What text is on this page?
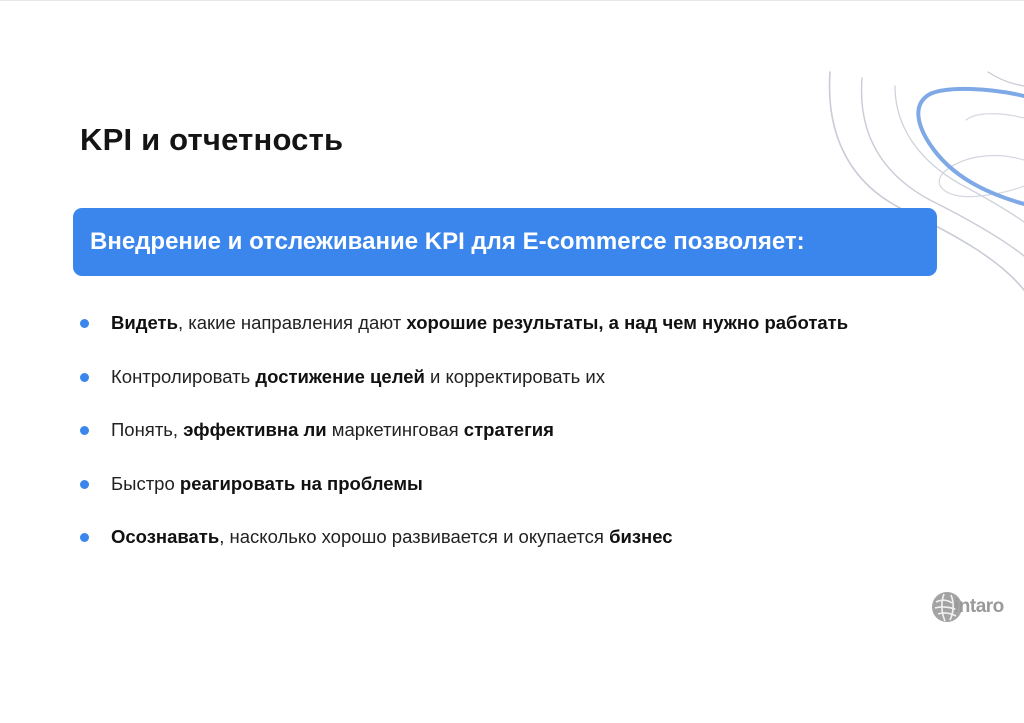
KPI и отчетность
Внедрение и отслеживание KPI для E-commerce позволяет:
Видеть, какие направления дают хорошие результаты, а над чем нужно работать
Контролировать достижение целей и корректировать их
Понять, эффективна ли маркетинговая стратегия
Быстро реагировать на проблемы
Осознавать, насколько хорошо развивается и окупается бизнес
intaro
